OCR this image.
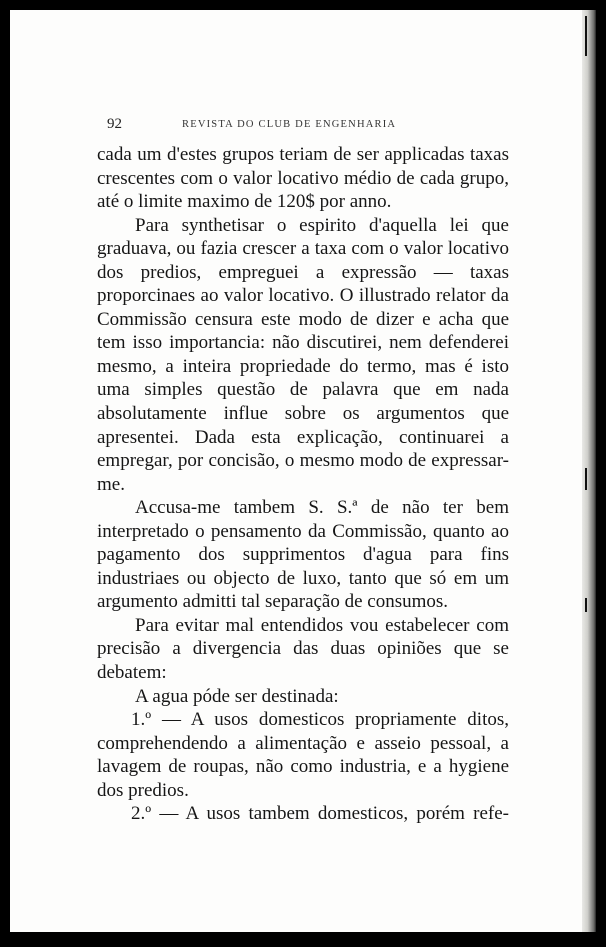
92	REVISTA DO CLUB DE ENGENHARIA

cada um d'estes grupos teriam de ser applicadas taxas crescentes com o valor locativo médio de cada grupo, até o limite maximo de 120$ por anno.

Para synthetisar o espirito d'aquella lei que graduava, ou fazia crescer a taxa com o valor locativo dos predios, empreguei a expressão — taxas proporcinaes ao valor locativo. O illustrado relator da Commissão censura este modo de dizer e acha que tem isso importancia: não discutirei, nem defenderei mesmo, a inteira propriedade do termo, mas é isto uma simples questão de palavra que em nada absolutamente influe sobre os argumentos que apresentei. Dada esta explicação, continuarei a empregar, por concisão, o mesmo modo de expressar-me.

Accusa-me tambem S. S.ª de não ter bem interpretado o pensamento da Commissão, quanto ao pagamento dos supprimentos d'agua para fins industriaes ou objecto de luxo, tanto que só em um argumento admitti tal separação de consumos.

Para evitar mal entendidos vou estabelecer com precisão a divergencia das duas opiniões que se debatem:

A agua póde ser destinada:

1.º — A usos domesticos propriamente ditos, comprehendendo a alimentação e asseio pessoal, a lavagem de roupas, não como industria, e a hygiene dos predios.

2.º — A usos tambem domesticos, porém refe-
